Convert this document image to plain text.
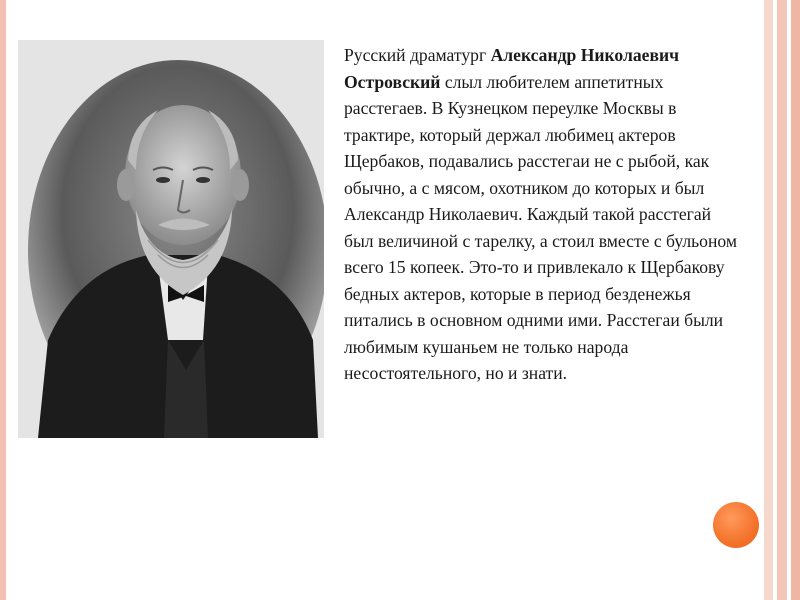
Русский драматург Александр Николаевич Островский слыл любителем аппетитных расстегаев. В Кузнецком переулке Москвы в трактире, который держал любимец актеров Щербаков, подавались расстегаи не с рыбой, как обычно, а с мясом, охотником до которых и был Александр Николаевич. Каждый такой расстегай был величиной с тарелку, а стоил вместе с бульоном всего 15 копеек. Это-то и привлекало к Щербакову бедных актеров, которые в период безденежья питались в основном одними ими. Расстегаи были любимым кушаньем не только народа несостоятельного, но и знати.
